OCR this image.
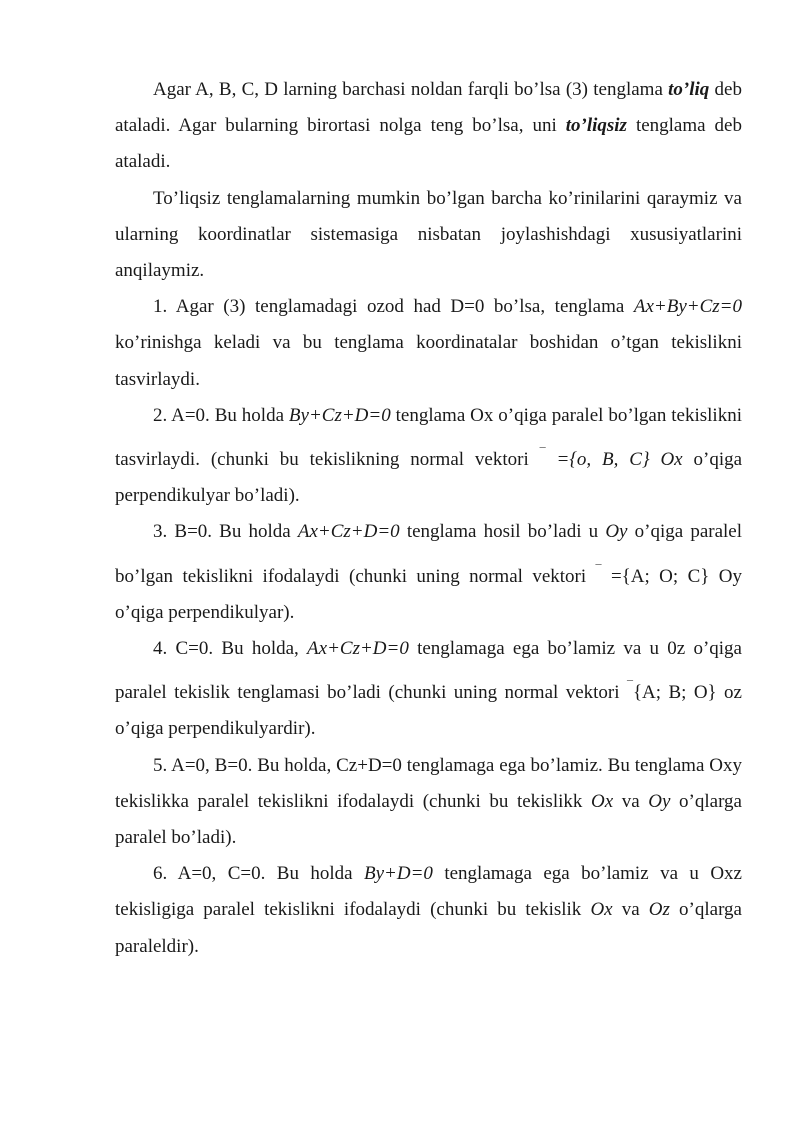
Agar A, B, C, D larning barchasi noldan farqli bo’lsa (3) tenglama to’liq deb ataladi. Agar bularning birortasi nolga teng bo’lsa, uni to’liqsiz tenglama deb ataladi.

To’liqsiz tenglamalarning mumkin bo’lgan barcha ko’rinilarini qaraymiz va ularning koordinatlar sistemasiga nisbatan joylashishdagi xususiyatlarini anqilaymiz.

1. Agar (3) tenglamadagi ozod had D=0 bo’lsa, tenglama Ax+By+Cz=0 ko’rinishga keladi va bu tenglama koordinatalar boshidan o’tgan tekislikni tasvirlaydi.

2. A=0. Bu holda By+Cz+D=0 tenglama Ox o’qiga paralel bo’lgan tekislikni tasvirlaydi. (chunki bu tekislikning normal vektori ¯ ={o, B, C} Ox o’qiga perpendikulyar bo’ladi).

3. B=0. Bu holda Ax+Cz+D=0 tenglama hosil bo’ladi u Oy o’qiga paralel bo’lgan tekislikni ifodalaydi (chunki uning normal vektori ¯ ={A; O; C} Oy o’qiga perpendikulyar).

4. C=0. Bu holda, Ax+Cz+D=0 tenglamaga ega bo’lamiz va u 0z o’qiga paralel tekislik tenglamasi bo’ladi (chunki uning normal vektori ¯{A; B; O} oz o’qiga perpendikulyardir).

5. A=0, B=0. Bu holda, Cz+D=0 tenglamaga ega bo’lamiz. Bu tenglama Oxy tekislikka paralel tekislikni ifodalaydi (chunki bu tekislikk Ox va Oy o’qlarga paralel bo’ladi).

6. A=0, C=0. Bu holda By+D=0 tenglamaga ega bo’lamiz va u Oxz tekisligiga paralel tekislikni ifodalaydi (chunki bu tekislik Ox va Oz o’qlarga paraleldir).
